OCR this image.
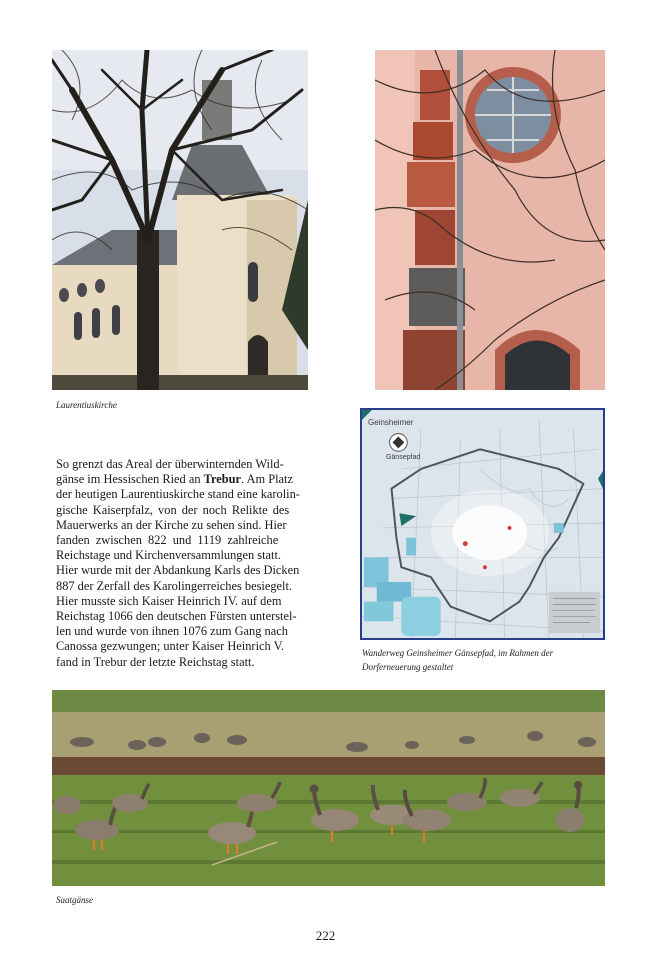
Laurentiuskirche
So grenzt das Areal der überwinternden Wild-
gänse im Hessischen Ried an Trebur. Am Platz
der heutigen Laurentiuskirche stand eine karolin-
gische Kaiserpfalz, von der noch Relikte des
Mauerwerks an der Kirche zu sehen sind. Hier
fanden zwischen 822 und 1119 zahlreiche
Reichstage und Kirchenversammlungen statt.
Hier wurde mit der Abdankung Karls des Dicken
887 der Zerfall des Karolingerreiches besiegelt.
Hier musste sich Kaiser Heinrich IV. auf dem
Reichstag 1066 den deutschen Fürsten unterstel-
len und wurde von ihnen 1076 zum Gang nach
Canossa gezwungen; unter Kaiser Heinrich V.
fand in Trebur der letzte Reichstag statt.
Geinsheimer
Gänsepfad
Wanderweg Geinsheimer Gänsepfad, im Rahmen der
Dorferneuerung gestaltet
Saatgänse
222
